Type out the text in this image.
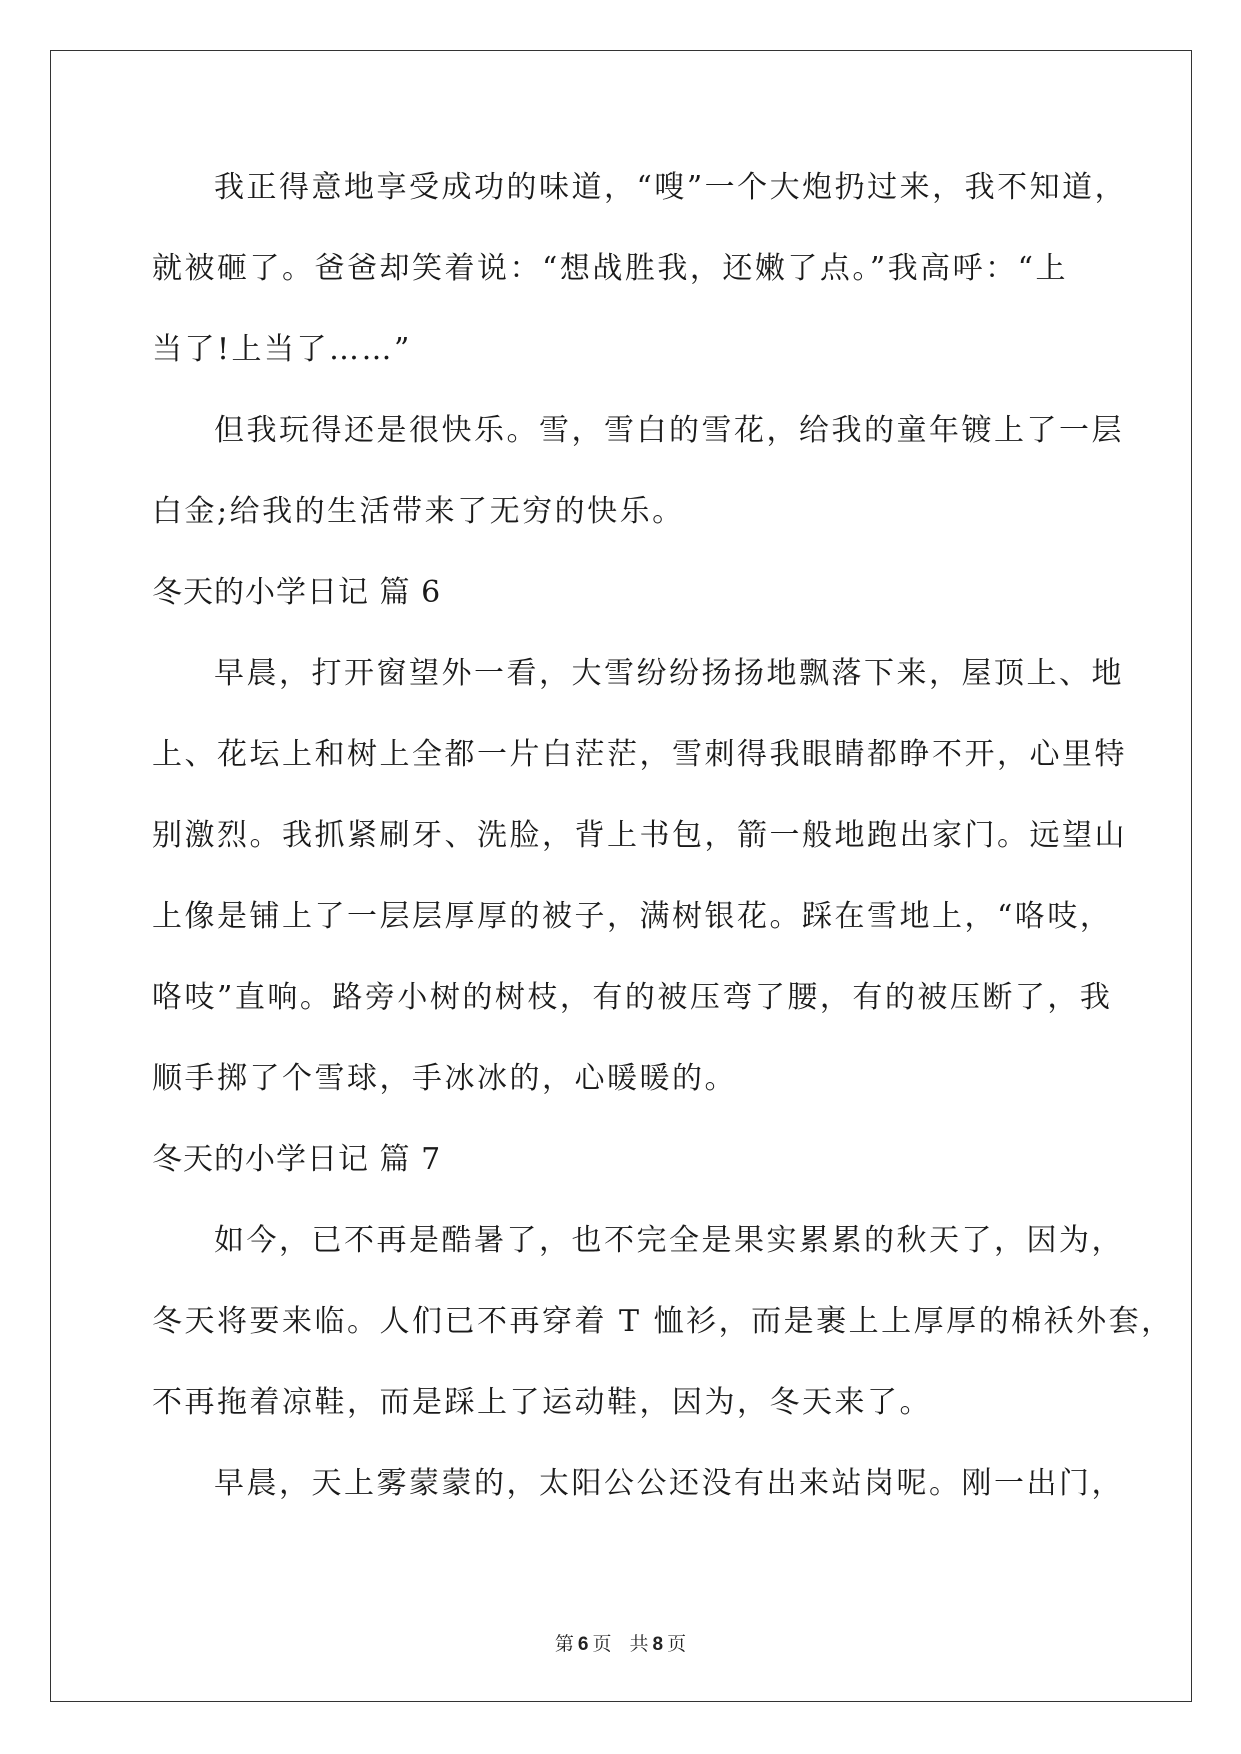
我正得意地享受成功的味道，“嗖”一个大炮扔过来，我不知道，
就被砸了。爸爸却笑着说：“想战胜我，还嫩了点。”我高呼：“上
当了!上当了……”
但我玩得还是很快乐。雪，雪白的雪花，给我的童年镀上了一层
白金;给我的生活带来了无穷的快乐。
冬天的小学日记 篇 6
早晨，打开窗望外一看，大雪纷纷扬扬地飘落下来，屋顶上、地
上、花坛上和树上全都一片白茫茫，雪刺得我眼睛都睁不开，心里特
别激烈。我抓紧刷牙、洗脸，背上书包，箭一般地跑出家门。远望山
上像是铺上了一层层厚厚的被子，满树银花。踩在雪地上，“咯吱，
咯吱”直响。路旁小树的树枝，有的被压弯了腰，有的被压断了，我
顺手掷了个雪球，手冰冰的，心暖暖的。
冬天的小学日记 篇 7
如今，已不再是酷暑了，也不完全是果实累累的秋天了，因为，
冬天将要来临。人们已不再穿着 T 恤衫，而是裹上上厚厚的棉袄外套，
不再拖着凉鞋，而是踩上了运动鞋，因为，冬天来了。
早晨，天上雾蒙蒙的，太阳公公还没有出来站岗呢。刚一出门，
第 6 页 共 8 页
